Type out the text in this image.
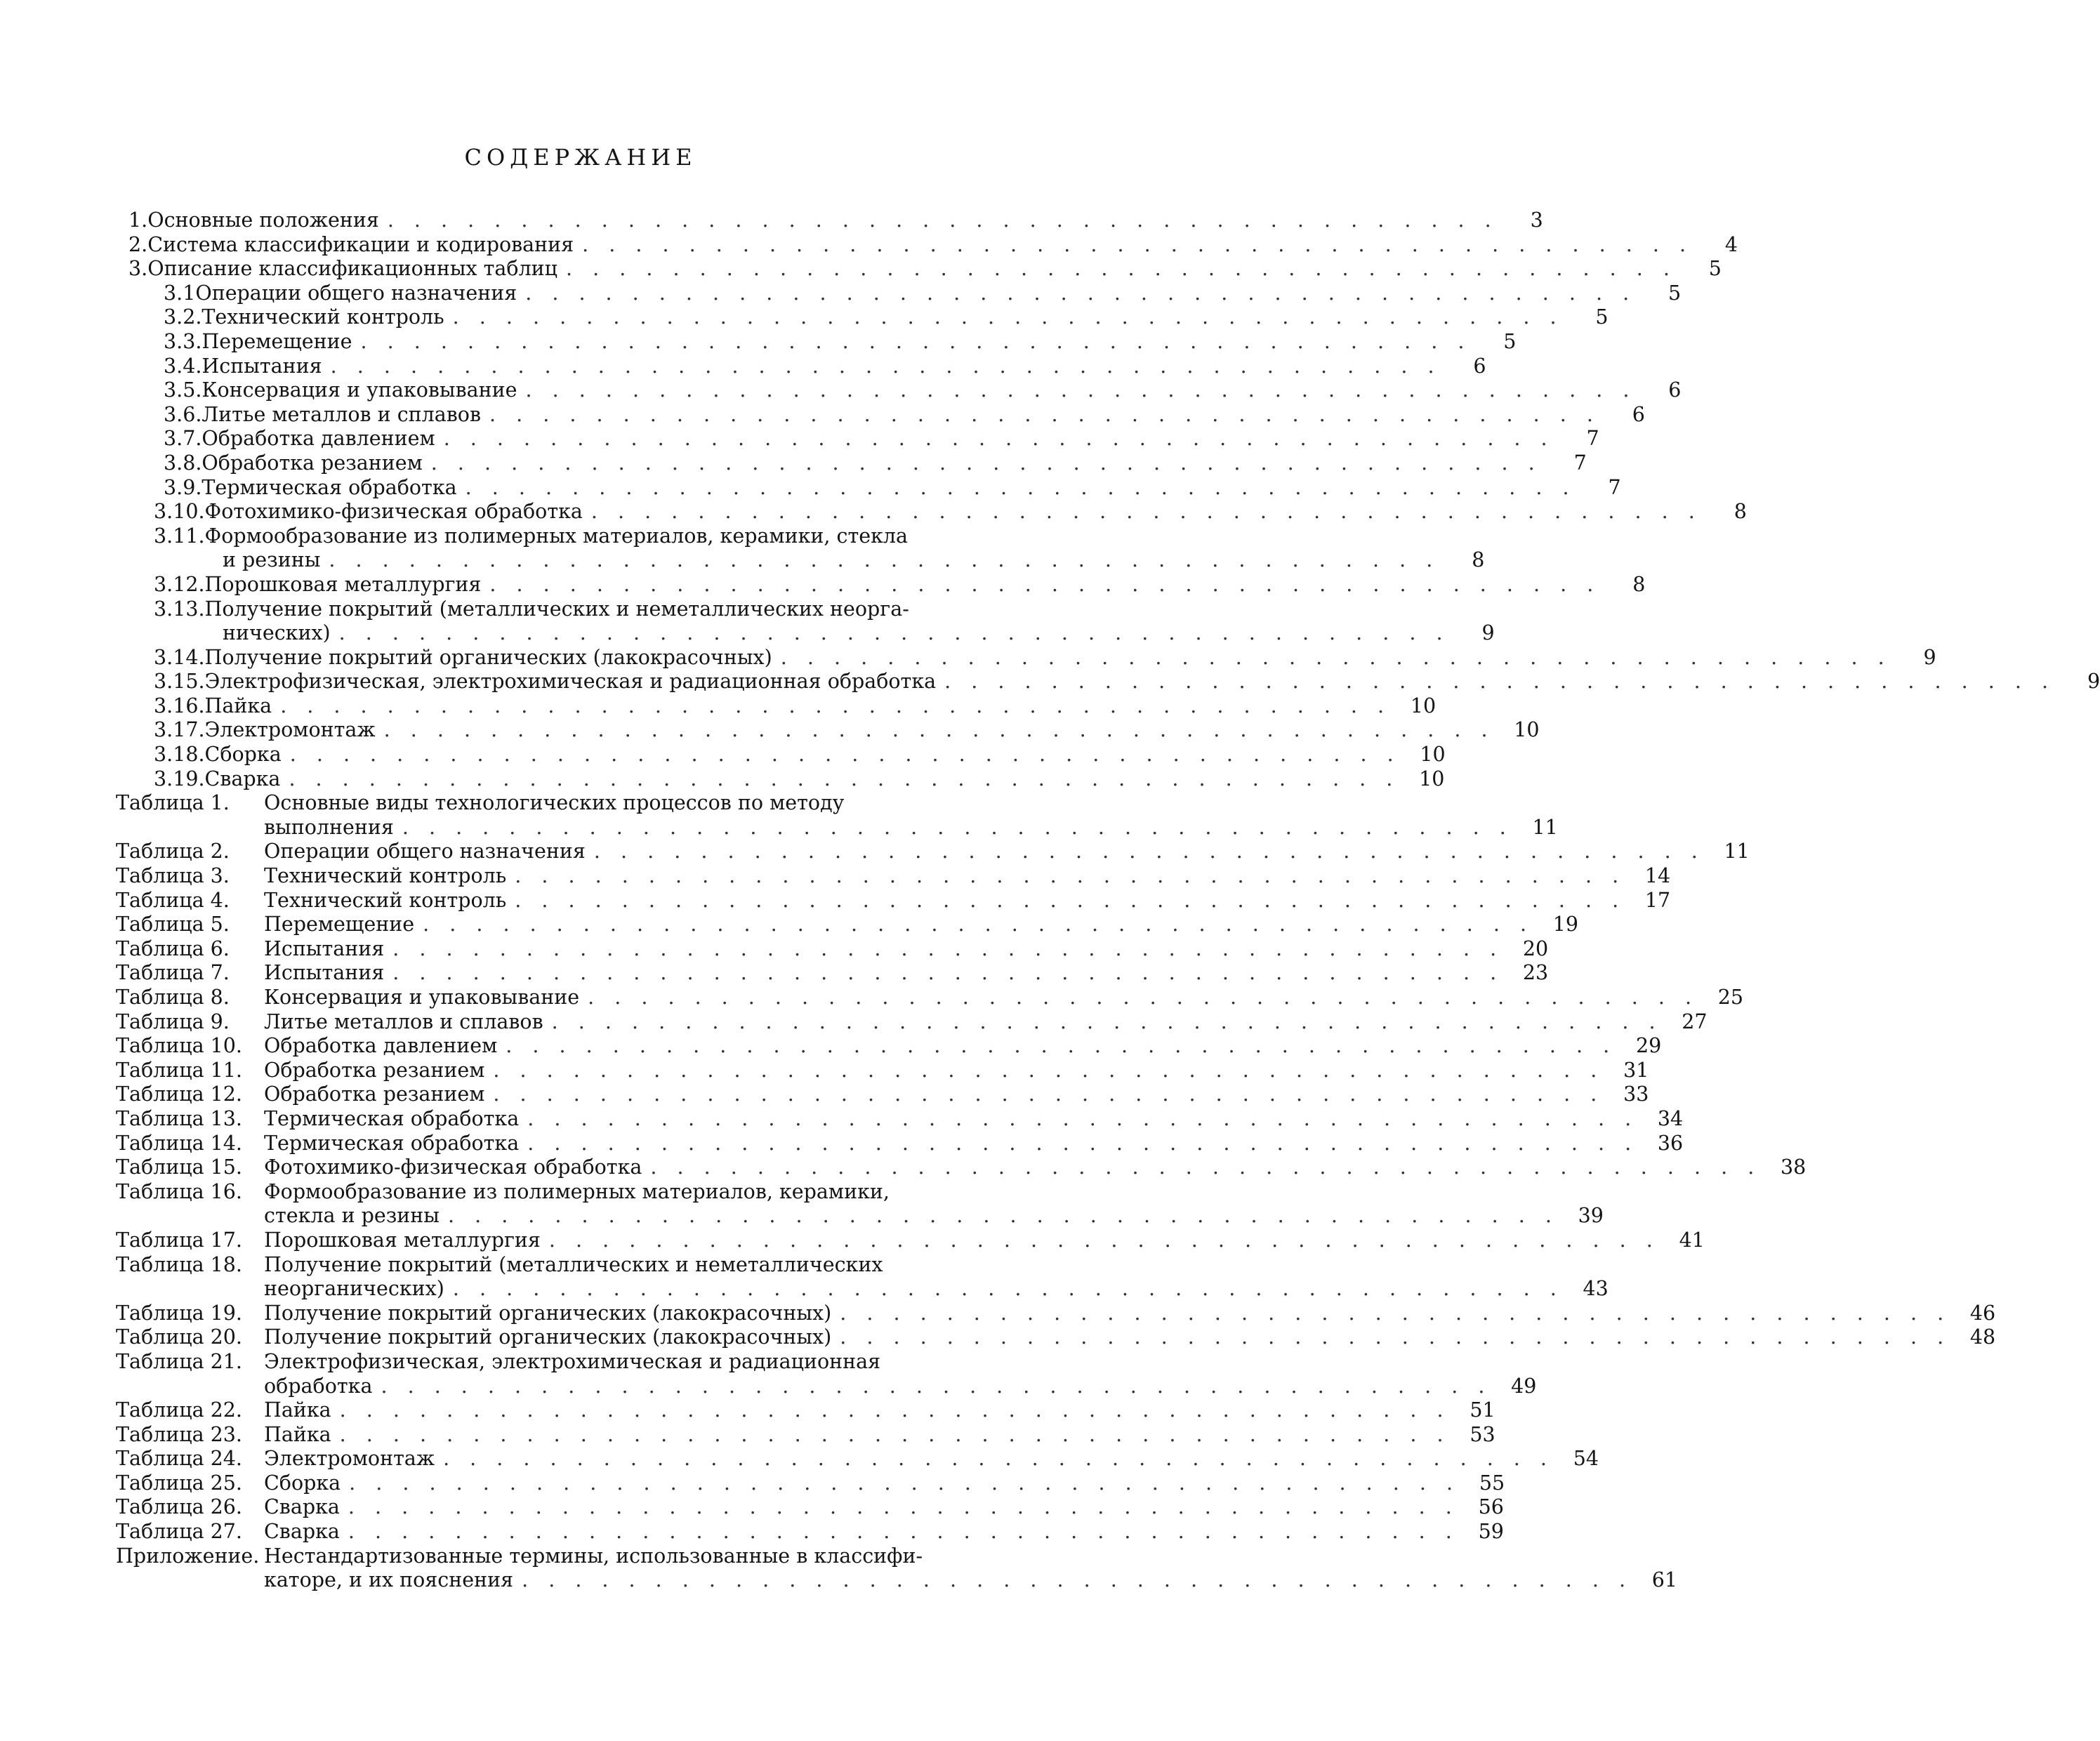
СОДЕРЖАНИЕ
1. Основные положения . . . . . . . . . . . . . . . . . . . . . . . . . . . . . . . . . . . . . . . . . .	3
2. Система классификации и кодирования . . . . . . . . . . . . . . . . . . . . . . . . . . . . . . . . . . . . . . . . . .	4
3. Описание классификационных таблиц . . . . . . . . . . . . . . . . . . . . . . . . . . . . . . . . . . . . . . . . . .	5
3.1 Операции общего назначения . . . . . . . . . . . . . . . . . . . . . . . . . . . . . . . . . . . . . . . . . .	5
3.2. Технический контроль . . . . . . . . . . . . . . . . . . . . . . . . . . . . . . . . . . . . . . . . . .	5
3.3. Перемещение . . . . . . . . . . . . . . . . . . . . . . . . . . . . . . . . . . . . . . . . . .	5
3.4. Испытания . . . . . . . . . . . . . . . . . . . . . . . . . . . . . . . . . . . . . . . . . .	6
3.5. Консервация и упаковывание . . . . . . . . . . . . . . . . . . . . . . . . . . . . . . . . . . . . . . . . . .	6
3.6. Литье металлов и сплавов . . . . . . . . . . . . . . . . . . . . . . . . . . . . . . . . . . . . . . . . . .	6
3.7. Обработка давлением . . . . . . . . . . . . . . . . . . . . . . . . . . . . . . . . . . . . . . . . . .	7
3.8. Обработка резанием . . . . . . . . . . . . . . . . . . . . . . . . . . . . . . . . . . . . . . . . . .	7
3.9. Термическая обработка . . . . . . . . . . . . . . . . . . . . . . . . . . . . . . . . . . . . . . . . . .	7
3.10. Фотохимико-физическая обработка . . . . . . . . . . . . . . . . . . . . . . . . . . . . . . . . . . . . . . . . . .	8
3.11. Формообразование из полимерных материалов, керамики, стекла
и резины . . . . . . . . . . . . . . . . . . . . . . . . . . . . . . . . . . . . . . . . . .	8
3.12. Порошковая металлургия . . . . . . . . . . . . . . . . . . . . . . . . . . . . . . . . . . . . . . . . . .	8
3.13. Получение покрытий (металлических и неметаллических неорга-
нических) . . . . . . . . . . . . . . . . . . . . . . . . . . . . . . . . . . . . . . . . . .	9
3.14. Получение покрытий органических (лакокрасочных) . . . . . . . . . . . . . . . . . . . . . . . . . . . . . . . . . . . . . . . . . .	9
3.15. Электрофизическая, электрохимическая и радиационная обработка . . . . . . . . . . . . . . . . . . . . . . . . . . . . . . . . . . . . . . . . . .	9
3.16. Пайка . . . . . . . . . . . . . . . . . . . . . . . . . . . . . . . . . . . . . . . . . . 10
3.17. Электромонтаж . . . . . . . . . . . . . . . . . . . . . . . . . . . . . . . . . . . . . . . . . . 10
3.18. Сборка . . . . . . . . . . . . . . . . . . . . . . . . . . . . . . . . . . . . . . . . . . 10
3.19. Сварка . . . . . . . . . . . . . . . . . . . . . . . . . . . . . . . . . . . . . . . . . . 10
Таблица 1.	Основные виды технологических процессов по методу
выполнения . . . . . . . . . . . . . . . . . . . . . . . . . . . . . . . . . . . . . . . . . . 11
Таблица 2.	Операции общего назначения . . . . . . . . . . . . . . . . . . . . . . . . . . . . . . . . . . . . . . . . . . 11
Таблица 3.	Технический контроль . . . . . . . . . . . . . . . . . . . . . . . . . . . . . . . . . . . . . . . . . . 14
Таблица 4.	Технический контроль . . . . . . . . . . . . . . . . . . . . . . . . . . . . . . . . . . . . . . . . . . 17
Таблица 5.	Перемещение . . . . . . . . . . . . . . . . . . . . . . . . . . . . . . . . . . . . . . . . . . 19
Таблица 6.	Испытания . . . . . . . . . . . . . . . . . . . . . . . . . . . . . . . . . . . . . . . . . . 20
Таблица 7.	Испытания . . . . . . . . . . . . . . . . . . . . . . . . . . . . . . . . . . . . . . . . . . 23
Таблица 8.	Консервация и упаковывание . . . . . . . . . . . . . . . . . . . . . . . . . . . . . . . . . . . . . . . . . . 25
Таблица 9.	Литье металлов и сплавов . . . . . . . . . . . . . . . . . . . . . . . . . . . . . . . . . . . . . . . . . . 27
Таблица 10.	Обработка давлением . . . . . . . . . . . . . . . . . . . . . . . . . . . . . . . . . . . . . . . . . . 29
Таблица 11.	Обработка резанием . . . . . . . . . . . . . . . . . . . . . . . . . . . . . . . . . . . . . . . . . . 31
Таблица 12.	Обработка резанием . . . . . . . . . . . . . . . . . . . . . . . . . . . . . . . . . . . . . . . . . . 33
Таблица 13.	Термическая обработка . . . . . . . . . . . . . . . . . . . . . . . . . . . . . . . . . . . . . . . . . . 34
Таблица 14.	Термическая обработка . . . . . . . . . . . . . . . . . . . . . . . . . . . . . . . . . . . . . . . . . . 36
Таблица 15.	Фотохимико-физическая обработка . . . . . . . . . . . . . . . . . . . . . . . . . . . . . . . . . . . . . . . . . . 38
Таблица 16.	Формообразование из полимерных материалов, керамики,
стекла и резины . . . . . . . . . . . . . . . . . . . . . . . . . . . . . . . . . . . . . . . . . . 39
Таблица 17.	Порошковая металлургия . . . . . . . . . . . . . . . . . . . . . . . . . . . . . . . . . . . . . . . . . . 41
Таблица 18.	Получение покрытий (металлических и неметаллических
неорганических) . . . . . . . . . . . . . . . . . . . . . . . . . . . . . . . . . . . . . . . . . . 43
Таблица 19.	Получение покрытий органических (лакокрасочных) . . . . . . . . . . . . . . . . . . . . . . . . . . . . . . . . . . . . . . . . . . 46
Таблица 20.	Получение покрытий органических (лакокрасочных) . . . . . . . . . . . . . . . . . . . . . . . . . . . . . . . . . . . . . . . . . . 48
Таблица 21.	Электрофизическая, электрохимическая и радиационная
обработка . . . . . . . . . . . . . . . . . . . . . . . . . . . . . . . . . . . . . . . . . . 49
Таблица 22.	Пайка . . . . . . . . . . . . . . . . . . . . . . . . . . . . . . . . . . . . . . . . . . 51
Таблица 23.	Пайка . . . . . . . . . . . . . . . . . . . . . . . . . . . . . . . . . . . . . . . . . . 53
Таблица 24.	Электромонтаж . . . . . . . . . . . . . . . . . . . . . . . . . . . . . . . . . . . . . . . . . . 54
Таблица 25.	Сборка . . . . . . . . . . . . . . . . . . . . . . . . . . . . . . . . . . . . . . . . . . 55
Таблица 26.	Сварка . . . . . . . . . . . . . . . . . . . . . . . . . . . . . . . . . . . . . . . . . . 56
Таблица 27.	Сварка . . . . . . . . . . . . . . . . . . . . . . . . . . . . . . . . . . . . . . . . . . 59
Приложение. Нестандартизованные термины, использованные в классифи-
каторе, и их пояснения . . . . . . . . . . . . . . . . . . . . . . . . . . . . . . . . . . . . . . . . . . 61
